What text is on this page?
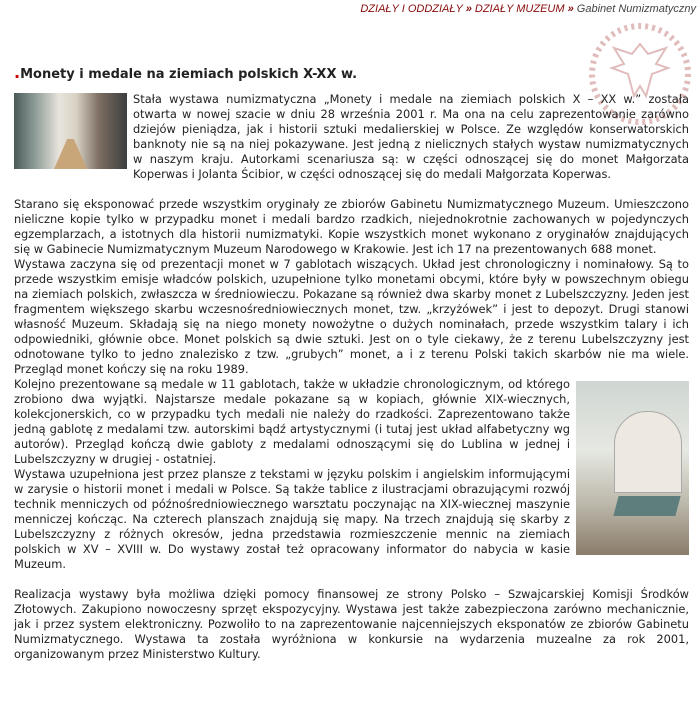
DZIAŁY I ODDZIAŁY » DZIAŁY MUZEUM » Gabinet Numizmatyczny
.Monety i medale na ziemiach polskich X-XX w.

Stała wystawa numizmatyczna „Monety i medale na ziemiach polskich X – XX w.” została otwarta w nowej szacie w dniu 28 września 2001 r. Ma ona na celu zaprezentowanie zarówno dziejów pieniądza, jak i historii sztuki medalierskiej w Polsce. Ze względów konserwatorskich banknoty nie są na niej pokazywane. Jest jedną z nielicznych stałych wystaw numizmatycznych w naszym kraju. Autorkami scenariusza są: w części odnoszącej się do monet Małgorzata Koperwas i Jolanta Ścibior, w części odnoszącej się do medali Małgorzata Koperwas.

Starano się eksponować przede wszystkim oryginały ze zbiorów Gabinetu Numizmatycznego Muzeum. Umieszczono nieliczne kopie tylko w przypadku monet i medali bardzo rzadkich, niejednokrotnie zachowanych w pojedynczych egzemplarzach, a istotnych dla historii numizmatyki. Kopie wszystkich monet wykonano z oryginałów znajdujących się w Gabinecie Numizmatycznym Muzeum Narodowego w Krakowie. Jest ich 17 na prezentowanych 688 monet.

Wystawa zaczyna się od prezentacji monet w 7 gablotach wiszących. Układ jest chronologiczny i nominałowy. Są to przede wszystkim emisje władców polskich, uzupełnione tylko monetami obcymi, które były w powszechnym obiegu na ziemiach polskich, zwłaszcza w średniowieczu. Pokazane są również dwa skarby monet z Lubelszczyzny. Jeden jest fragmentem większego skarbu wczesnośredniowiecznych monet, tzw. „krzyżówek” i jest to depozyt. Drugi stanowi własność Muzeum. Składają się na niego monety nowożytne o dużych nominałach, przede wszystkim talary i ich odpowiedniki, głównie obce. Monet polskich są dwie sztuki. Jest on o tyle ciekawy, że z terenu Lubelszczyzny jest odnotowane tylko to jedno znalezisko z tzw. „grubych” monet, a i z terenu Polski takich skarbów nie ma wiele. Przegląd monet kończy się na roku 1989.

Kolejno prezentowane są medale w 11 gablotach, także w układzie chronologicznym, od którego zrobiono dwa wyjątki. Najstarsze medale pokazane są w kopiach, głównie XIX-wiecznych, kolekcjonerskich, co w przypadku tych medali nie należy do rzadkości. Zaprezentowano także jedną gablotę z medalami tzw. autorskimi bądź artystycznymi (i tutaj jest układ alfabetyczny wg autorów). Przegląd kończą dwie gabloty z medalami odnoszącymi się do Lublina w jednej i Lubelszczyzny w drugiej - ostatniej.

Wystawa uzupełniona jest przez plansze z tekstami w języku polskim i angielskim informującymi w zarysie o historii monet i medali w Polsce. Są także tablice z ilustracjami obrazującymi rozwój technik menniczych od późnośredniowiecznego warsztatu poczynając na XIX-wiecznej maszynie menniczej kończąc. Na czterech planszach znajdują się mapy. Na trzech znajdują się skarby z Lubelszczyzny z różnych okresów, jedna przedstawia rozmieszczenie mennic na ziemiach polskich w XV – XVIII w. Do wystawy został też opracowany informator do nabycia w kasie Muzeum.

Realizacja wystawy była możliwa dzięki pomocy finansowej ze strony Polsko – Szwajcarskiej Komisji Środków Złotowych. Zakupiono nowoczesny sprzęt ekspozycyjny. Wystawa jest także zabezpieczona zarówno mechanicznie, jak i przez system elektroniczny. Pozwoliło to na zaprezentowanie najcenniejszych eksponatów ze zbiorów Gabinetu Numizmatycznego. Wystawa ta została wyróżniona w konkursie na wydarzenia muzealne za rok 2001, organizowanym przez Ministerstwo Kultury.
